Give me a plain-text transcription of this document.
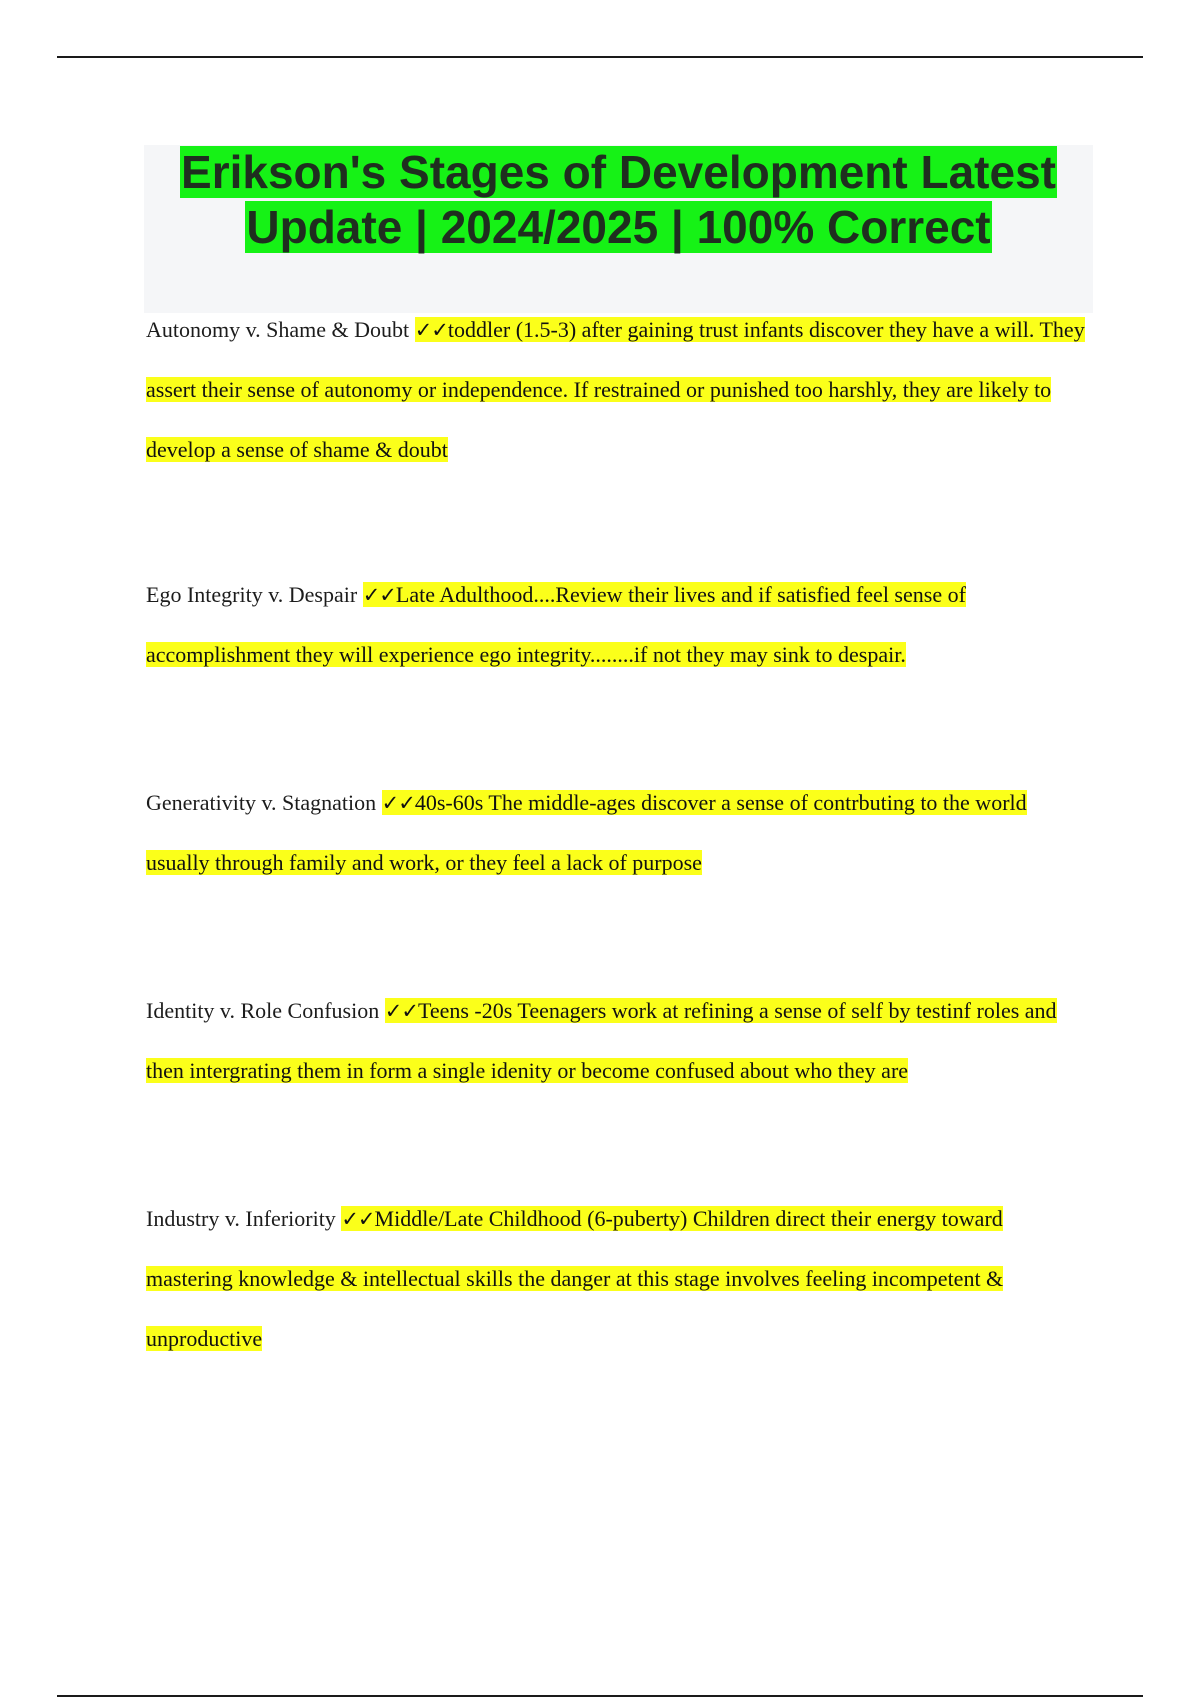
Erikson's Stages of Development Latest Update | 2024/2025 | 100% Correct
Autonomy v. Shame & Doubt ✓✓toddler (1.5-3) after gaining trust infants discover they have a will. They assert their sense of autonomy or independence. If restrained or punished too harshly, they are likely to develop a sense of shame & doubt
Ego Integrity v. Despair ✓✓Late Adulthood....Review their lives and if satisfied feel sense of accomplishment they will experience ego integrity........if not they may sink to despair.
Generativity v. Stagnation ✓✓40s-60s The middle-ages discover a sense of contrbuting to the world usually through family and work, or they feel a lack of purpose
Identity v. Role Confusion ✓✓Teens -20s Teenagers work at refining a sense of self by testinf roles and then intergrating them in form a single idenity or become confused about who they are
Industry v. Inferiority ✓✓Middle/Late Childhood (6-puberty) Children direct their energy toward mastering knowledge & intellectual skills the danger at this stage involves feeling incompetent & unproductive
